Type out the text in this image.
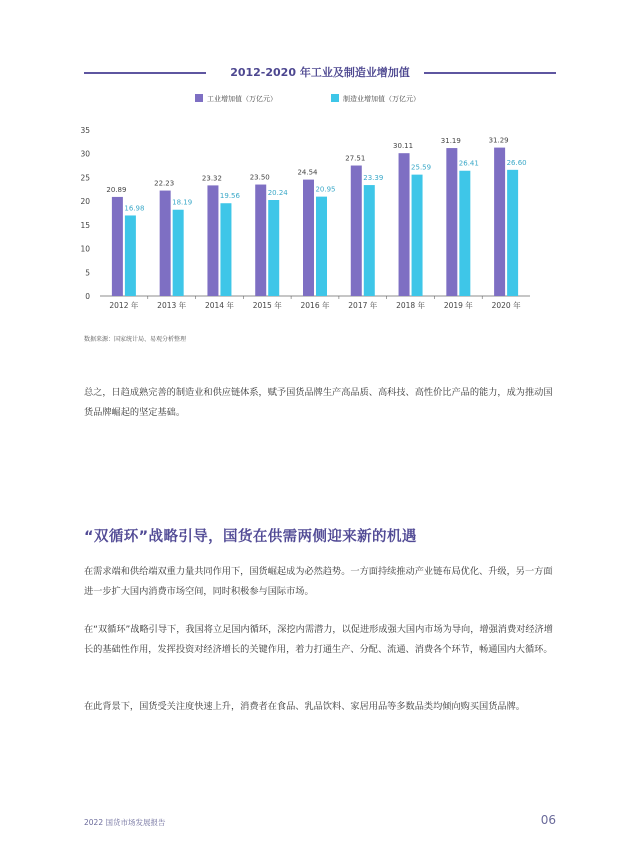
2012-2020 年工业及制造业增加值
工业增加值（万亿元）	制造业增加值（万亿元）
0
5
10
15
20
25
30
35
20.89
16.98
2012 年
22.23
18.19
2013 年
23.32
19.56
2014 年
23.50
20.24
2015 年
24.54
20.95
2016 年
27.51
23.39
2017 年
30.11
25.59
2018 年
31.19
26.41
2019 年
31.29
26.60
2020 年
数据来源：国家统计局、易观分析整理

总之，日趋成熟完善的制造业和供应链体系，赋予国货品牌生产高品质、高科技、高性价比产品的能力，成为推动国货品牌崛起的坚定基础。

“双循环”战略引导，国货在供需两侧迎来新的机遇

在需求端和供给端双重力量共同作用下，国货崛起成为必然趋势。一方面持续推动产业链布局优化、升级，另一方面进一步扩大国内消费市场空间，同时积极参与国际市场。

在“双循环”战略引导下，我国将立足国内循环，深挖内需潜力，以促进形成强大国内市场为导向，增强消费对经济增长的基础性作用，发挥投资对经济增长的关键作用，着力打通生产、分配、流通、消费各个环节，畅通国内大循环。

在此背景下，国货受关注度快速上升，消费者在食品、乳品饮料、家居用品等多数品类均倾向购买国货品牌。

2022 国货市场发展报告	06
